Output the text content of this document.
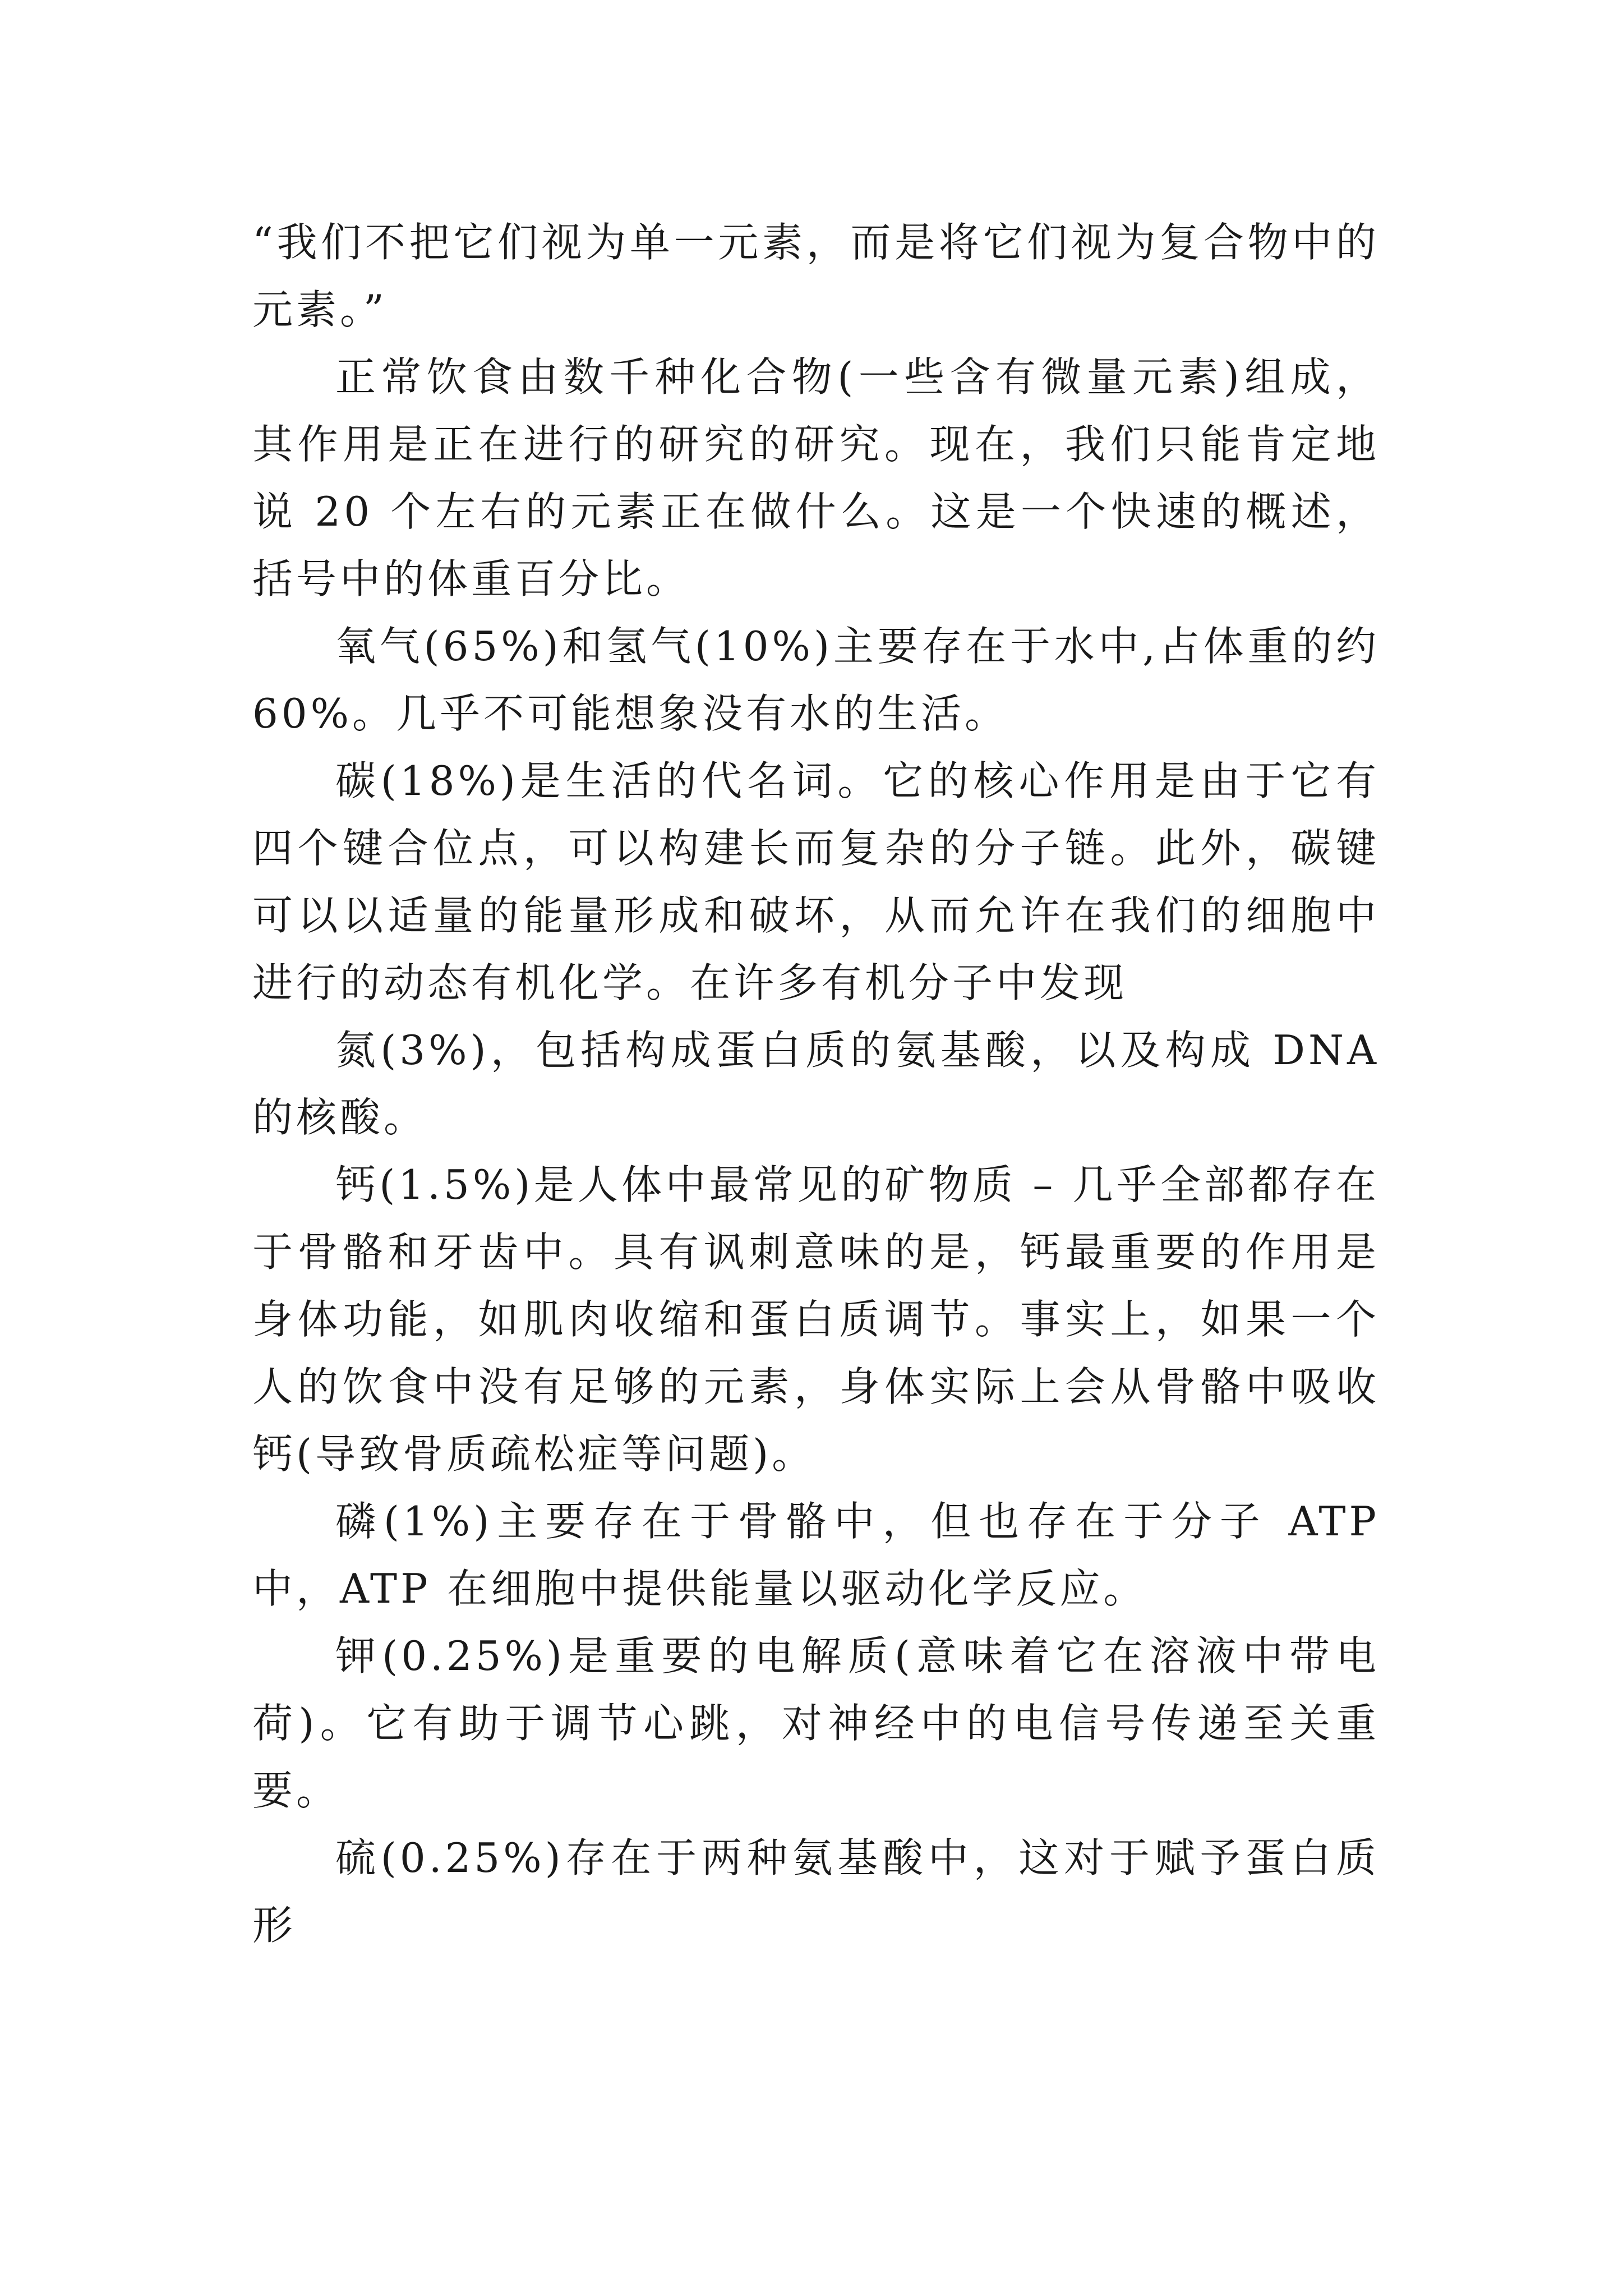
“我们不把它们视为单一元素，而是将它们视为复合物中的元素。”

正常饮食由数千种化合物(一些含有微量元素)组成，其作用是正在进行的研究的研究。现在，我们只能肯定地说 20 个左右的元素正在做什么。这是一个快速的概述，括号中的体重百分比。

氧气(65%)和氢气(10%)主要存在于水中,占体重的约60%。几乎不可能想象没有水的生活。

碳(18%)是生活的代名词。它的核心作用是由于它有四个键合位点，可以构建长而复杂的分子链。此外，碳键可以以适量的能量形成和破坏，从而允许在我们的细胞中进行的动态有机化学。在许多有机分子中发现

氮(3%)，包括构成蛋白质的氨基酸，以及构成 DNA 的核酸。

钙(1.5%)是人体中最常见的矿物质 – 几乎全部都存在于骨骼和牙齿中。具有讽刺意味的是，钙最重要的作用是身体功能，如肌肉收缩和蛋白质调节。事实上，如果一个人的饮食中没有足够的元素，身体实际上会从骨骼中吸收钙(导致骨质疏松症等问题)。

磷(1%)主要存在于骨骼中，但也存在于分子 ATP 中，ATP 在细胞中提供能量以驱动化学反应。

钾(0.25%)是重要的电解质(意味着它在溶液中带电荷)。它有助于调节心跳，对神经中的电信号传递至关重要。

硫(0.25%)存在于两种氨基酸中，这对于赋予蛋白质形
